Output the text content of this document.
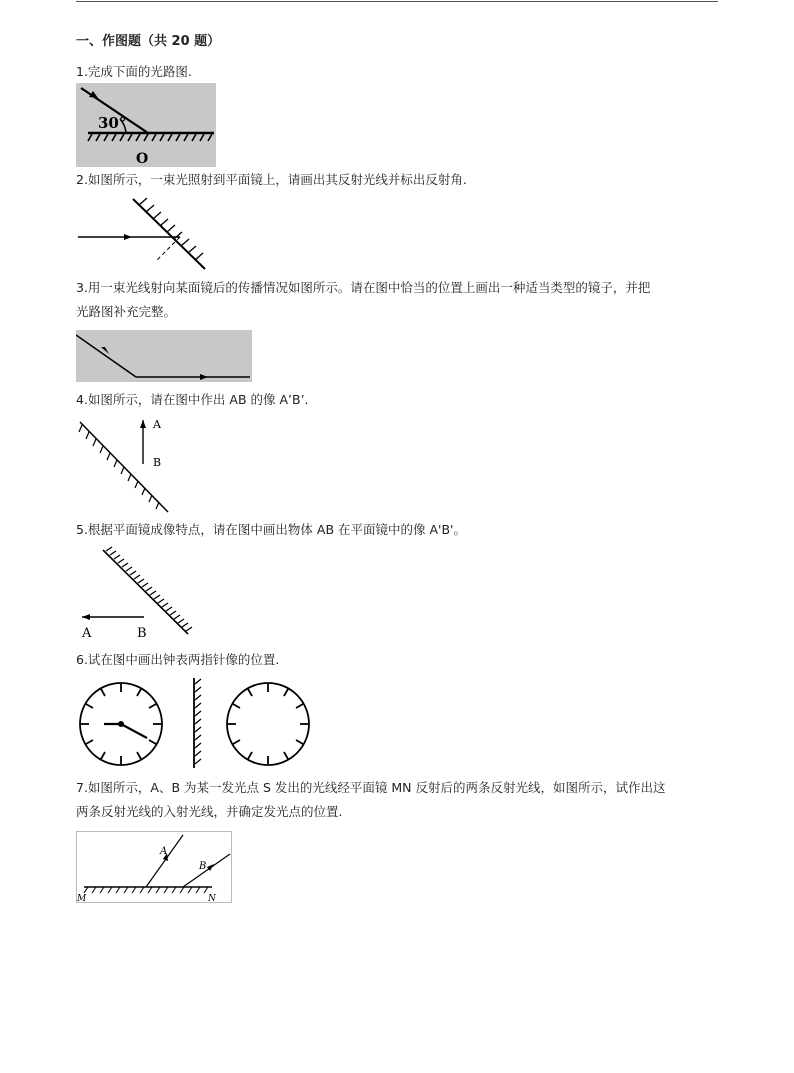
一、作图题（共 20 题）
1.完成下面的光路图.
30°
O
2.如图所示，一束光照射到平面镜上，请画出其反射光线并标出反射角.
3.用一束光线射向某面镜后的传播情况如图所示。请在图中恰当的位置上画出一种适当类型的镜子，并把
光路图补充完整。
4.如图所示，请在图中作出 AB 的像 A’B’.
A
B
5.根据平面镜成像特点，请在图中画出物体 AB 在平面镜中的像 A'B'。
A	B
6.试在图中画出钟表两指针像的位置.
7.如图所示，A、B 为某一发光点 S 发出的光线经平面镜 MN 反射后的两条反射光线，如图所示，试作出这
两条反射光线的入射光线，并确定发光点的位置.
A
B
M	N
